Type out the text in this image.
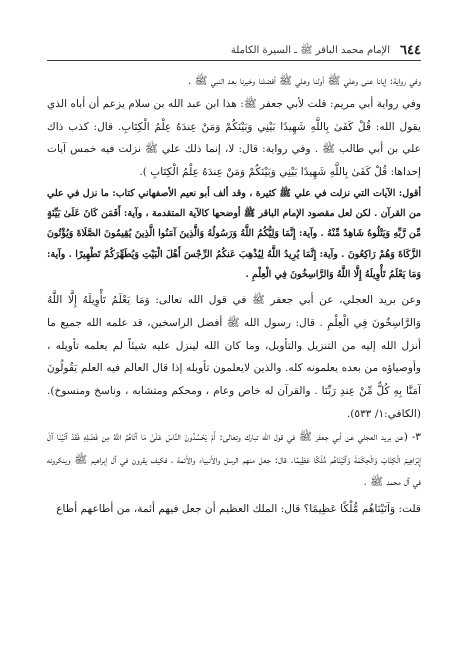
٦٤٤
الإمام محمد الباقر ﷺ ـ السيرة الكاملة

وفي رواية: إيانا عنى وعلي ﷺ أولنا وعلي ﷺ أفضلنا وخيرنا بعد النبي ﷺ .

وفي رواية أبي مريم: قلت لأبي جعفر ﷺ: هذا ابن عبد الله بن سلام يزعم أن أباه الذي يقول الله: قُلْ كَفَىٰ بِاللَّهِ شَهِيدًا بَيْنِي وَبَيْنَكُمْ وَمَنْ عِندَهُ عِلْمُ الْكِتَابِ. قال: كذب ذاك علي بن أبي طالب ﷺ . وفي رواية: قال: لا، إنما ذلك علي ﷺ نزلت فيه خمس آيات إحداها: قُلْ كَفَىٰ بِاللَّهِ شَهِيدًا بَيْنِي وَبَيْنَكُمْ وَمَنْ عِندَهُ عِلْمُ الْكِتَابِ ).

أقول: الآيات التي نزلت في علي ﷺ كثيرة ، وقد ألف أبو نعيم الأصفهاني كتاب: ما نزل في علي من القرآن . لكن لعل مقصود الإمام الباقر ﷺ أوضحها كالآية المتقدمة ، وآية: أَفَمَن كَانَ عَلَىٰ بَيِّنَةٍ مِّن رَّبِّهِ وَيَتْلُوهُ شَاهِدٌ مِّنْهُ . وآية: إِنَّمَا وَلِيُّكُمُ اللَّهُ وَرَسُولُهُ وَالَّذِينَ آمَنُوا الَّذِينَ يُقِيمُونَ الصَّلَاةَ وَيُؤْتُونَ الزَّكَاةَ وَهُمْ رَاكِعُونَ . وآية: إِنَّمَا يُرِيدُ اللَّهُ لِيُذْهِبَ عَنكُمُ الرِّجْسَ أَهْلَ الْبَيْتِ وَيُطَهِّرَكُمْ تَطْهِيرًا . وآية: وَمَا يَعْلَمُ تَأْوِيلَهُ إِلَّا اللَّهُ وَالرَّاسِخُونَ فِي الْعِلْمِ .

وعن بريد العجلي، عن أبي جعفر ﷺ في قول الله تعالى: وَمَا يَعْلَمُ تَأْوِيلَهُ إِلَّا اللَّهُ وَالرَّاسِخُونَ فِي الْعِلْمِ . قال: رسول الله ﷺ أفضل الراسخين، قد علمه الله جميع ما أنزل الله إليه من التنزيل والتأويل، وما كان الله لينزل عليه شيئاً لم يعلمه تأويله ، وأوصياؤه من بعده يعلمونه كله. والذين لايعلمون تأويله إذا قال العالم فيه العلم يَقُولُونَ آمَنَّا بِهِ كُلٌّ مِّنْ عِندِ رَبِّنَا . والقرآن له خاص وعام ، ومحكم ومتشابه ، وناسخ ومنسوخ). (الكافي:١/ ٥٣٣).

٣- (عن بريد العجلي عن أبي جعفر ﷺ في قول الله تبارك وتعالى: أَمْ يَحْسُدُونَ النَّاسَ عَلَىٰ مَا آتَاهُمُ اللَّهُ مِن فَضْلِهِ فَقَدْ آتَيْنَا آلَ إِبْرَاهِيمَ الْكِتَابَ وَالْحِكْمَةَ وَآتَيْنَاهُم مُّلْكًا عَظِيمًا. قال: جعل منهم الرسل والأنبياء والأئمة ، فكيف يقرون في آل إبراهيم ﷺ وينكرونه في آل محمد ﷺ .

قلت: وَآتَيْنَاهُم مُّلْكًا عَظِيمًا؟ قال: الملك العظيم أن جعل فيهم أئمة، من أطاعهم أطاع
